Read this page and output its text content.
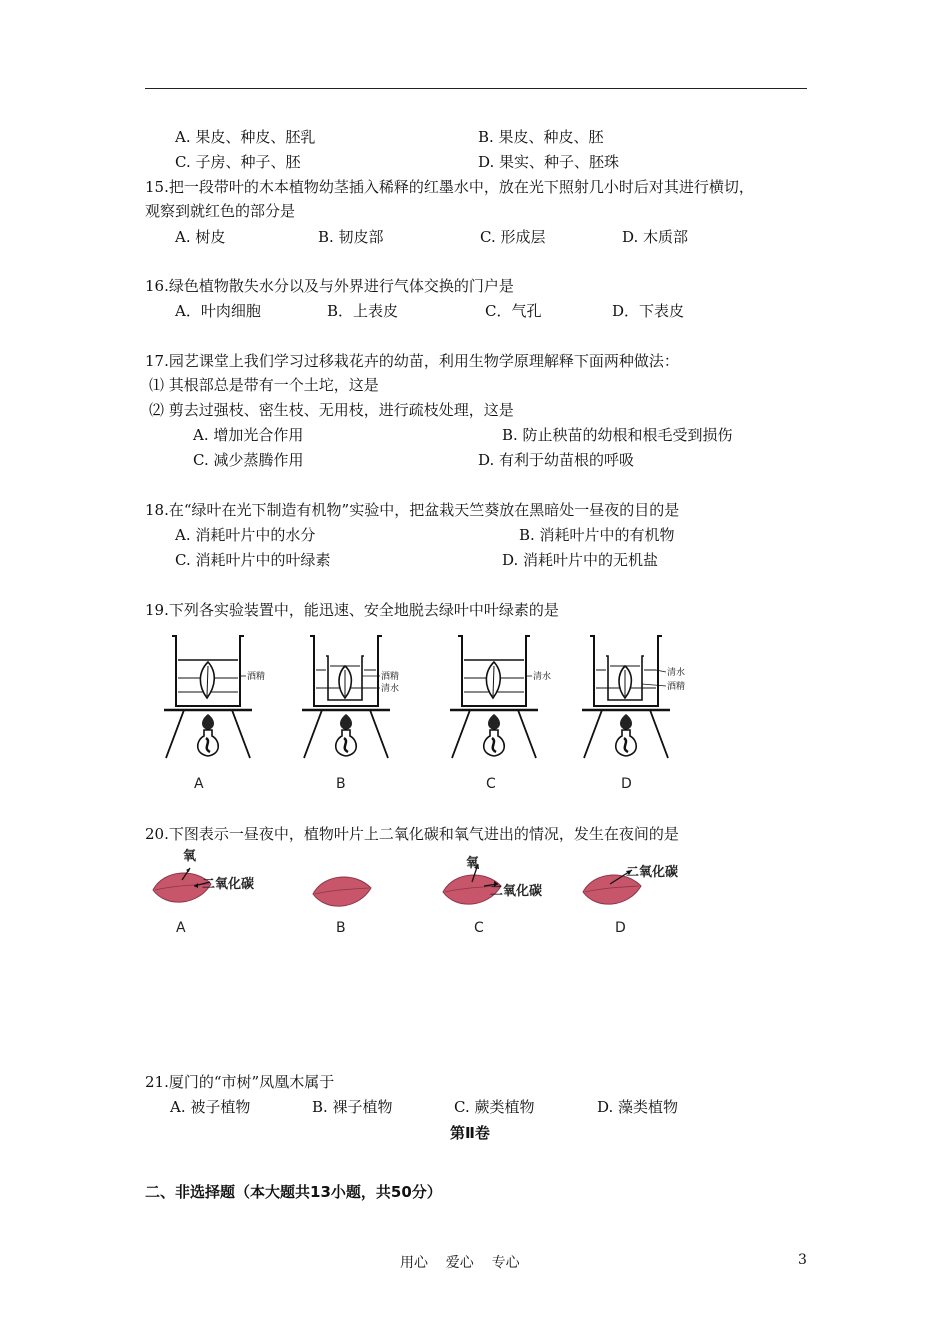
A. 果皮、种皮、胚乳	B. 果皮、种皮、胚
C. 子房、种子、胚	D. 果实、种子、胚珠
15.把一段带叶的木本植物幼茎插入稀释的红墨水中，放在光下照射几小时后对其进行横切，
观察到就红色的部分是
A. 树皮	B. 韧皮部	C. 形成层	D. 木质部
16.绿色植物散失水分以及与外界进行气体交换的门户是
A．叶肉细胞	B．上表皮	C．气孔	D．下表皮
17.园艺课堂上我们学习过移栽花卉的幼苗，利用生物学原理解释下面两种做法：
⑴ 其根部总是带有一个土坨，这是
⑵ 剪去过强枝、密生枝、无用枝，进行疏枝处理，这是
A. 增加光合作用	B. 防止秧苗的幼根和根毛受到损伤
C. 减少蒸腾作用	D. 有利于幼苗根的呼吸
18.在“绿叶在光下制造有机物”实验中，把盆栽天竺葵放在黑暗处一昼夜的目的是
A. 消耗叶片中的水分	B. 消耗叶片中的有机物
C. 消耗叶片中的叶绿素	D. 消耗叶片中的无机盐
19.下列各实验装置中，能迅速、安全地脱去绿叶中叶绿素的是
酒精
A
酒精
清水
B
清水
C
清水
酒精
D
20.下图表示一昼夜中，植物叶片上二氧化碳和氧气进出的情况，发生在夜间的是
氧
二氧化碳
A	B
氧
二氧化碳
C
二氧化碳
D
21.厦门的“市树”凤凰木属于
A. 被子植物	B. 裸子植物	C. 蕨类植物	D. 藻类植物
第Ⅱ卷
二、非选择题（本大题共13小题，共50分）
用心    爱心    专心	3
